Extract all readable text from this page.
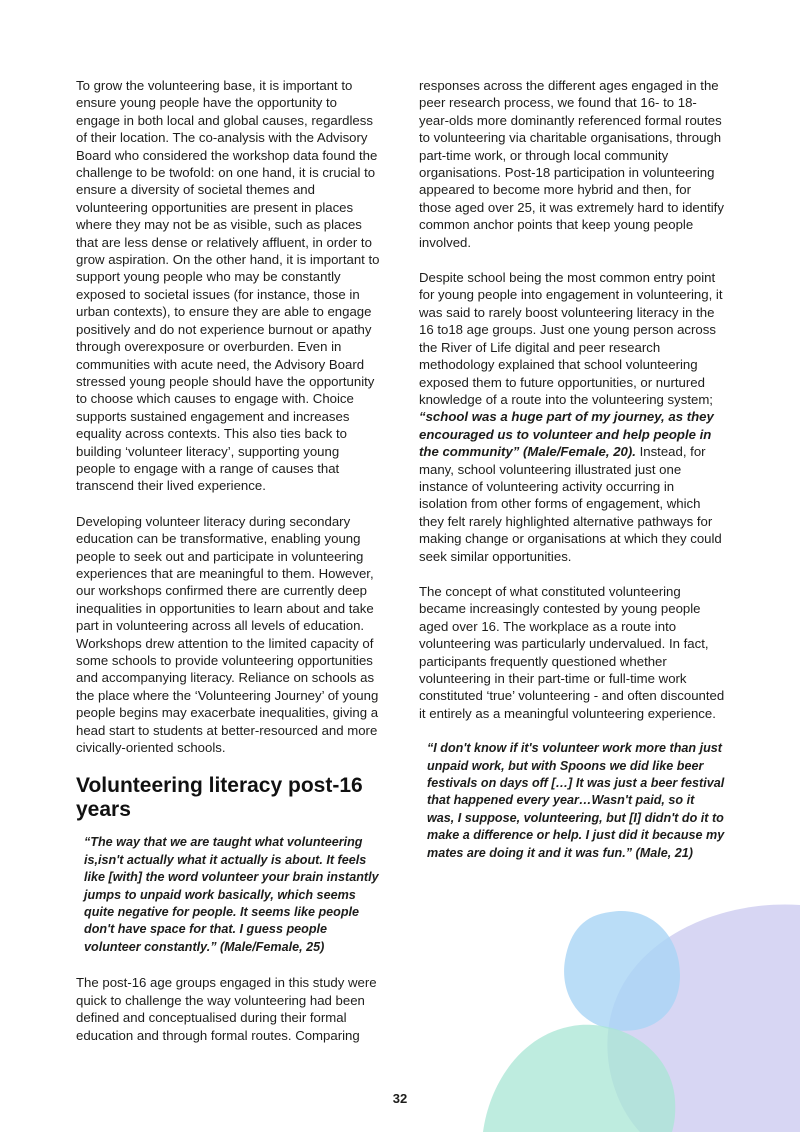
To grow the volunteering base, it is important to ensure young people have the opportunity to engage in both local and global causes, regardless of their location. The co-analysis with the Advisory Board who considered the workshop data found the challenge to be twofold: on one hand, it is crucial to ensure a diversity of societal themes and volunteering opportunities are present in places where they may not be as visible, such as places that are less dense or relatively affluent, in order to grow aspiration. On the other hand, it is important to support young people who may be constantly exposed to societal issues (for instance, those in urban contexts), to ensure they are able to engage positively and do not experience burnout or apathy through overexposure or overburden. Even in communities with acute need, the Advisory Board stressed young people should have the opportunity to choose which causes to engage with. Choice supports sustained engagement and increases equality across contexts. This also ties back to building ‘volunteer literacy’, supporting young people to engage with a range of causes that transcend their lived experience.

Developing volunteer literacy during secondary education can be transformative, enabling young people to seek out and participate in volunteering experiences that are meaningful to them. However, our workshops confirmed there are currently deep inequalities in opportunities to learn about and take part in volunteering across all levels of education. Workshops drew attention to the limited capacity of some schools to provide volunteering opportunities and accompanying literacy. Reliance on schools as the place where the ‘Volunteering Journey’ of young people begins may exacerbate inequalities, giving a head start to students at better-resourced and more civically-oriented schools.

Volunteering literacy post-16 years
“The way that we are taught what volunteering is,isn't actually what it actually is about. It feels like [with] the word volunteer your brain instantly jumps to unpaid work basically, which seems quite negative for people. It seems like people don't have space for that. I guess people volunteer constantly.” (Male/Female, 25)

The post-16 age groups engaged in this study were quick to challenge the way volunteering had been defined and conceptualised during their formal education and through formal routes. Comparing

responses across the different ages engaged in the peer research process, we found that 16- to 18-year-olds more dominantly referenced formal routes to volunteering via charitable organisations, through part-time work, or through local community organisations. Post-18 participation in volunteering appeared to become more hybrid and then, for those aged over 25, it was extremely hard to identify common anchor points that keep young people involved.

Despite school being the most common entry point for young people into engagement in volunteering, it was said to rarely boost volunteering literacy in the 16 to18 age groups. Just one young person across the River of Life digital and peer research methodology explained that school volunteering exposed them to future opportunities, or nurtured knowledge of a route into the volunteering system; “school was a huge part of my journey, as they encouraged us to volunteer and help people in the community” (Male/Female, 20). Instead, for many, school volunteering illustrated just one instance of volunteering activity occurring in isolation from other forms of engagement, which they felt rarely highlighted alternative pathways for making change or organisations at which they could seek similar opportunities.

The concept of what constituted volunteering became increasingly contested by young people aged over 16. The workplace as a route into volunteering was particularly undervalued. In fact, participants frequently questioned whether volunteering in their part-time or full-time work constituted ‘true’ volunteering - and often discounted it entirely as a meaningful volunteering experience.

“I don't know if it's volunteer work more than just unpaid work, but with Spoons we did like beer festivals on days off […] It was just a beer festival that happened every year…Wasn't paid, so it was, I suppose, volunteering, but [I] didn't do it to make a difference or help. I just did it because my mates are doing it and it was fun.” (Male, 21)
32
